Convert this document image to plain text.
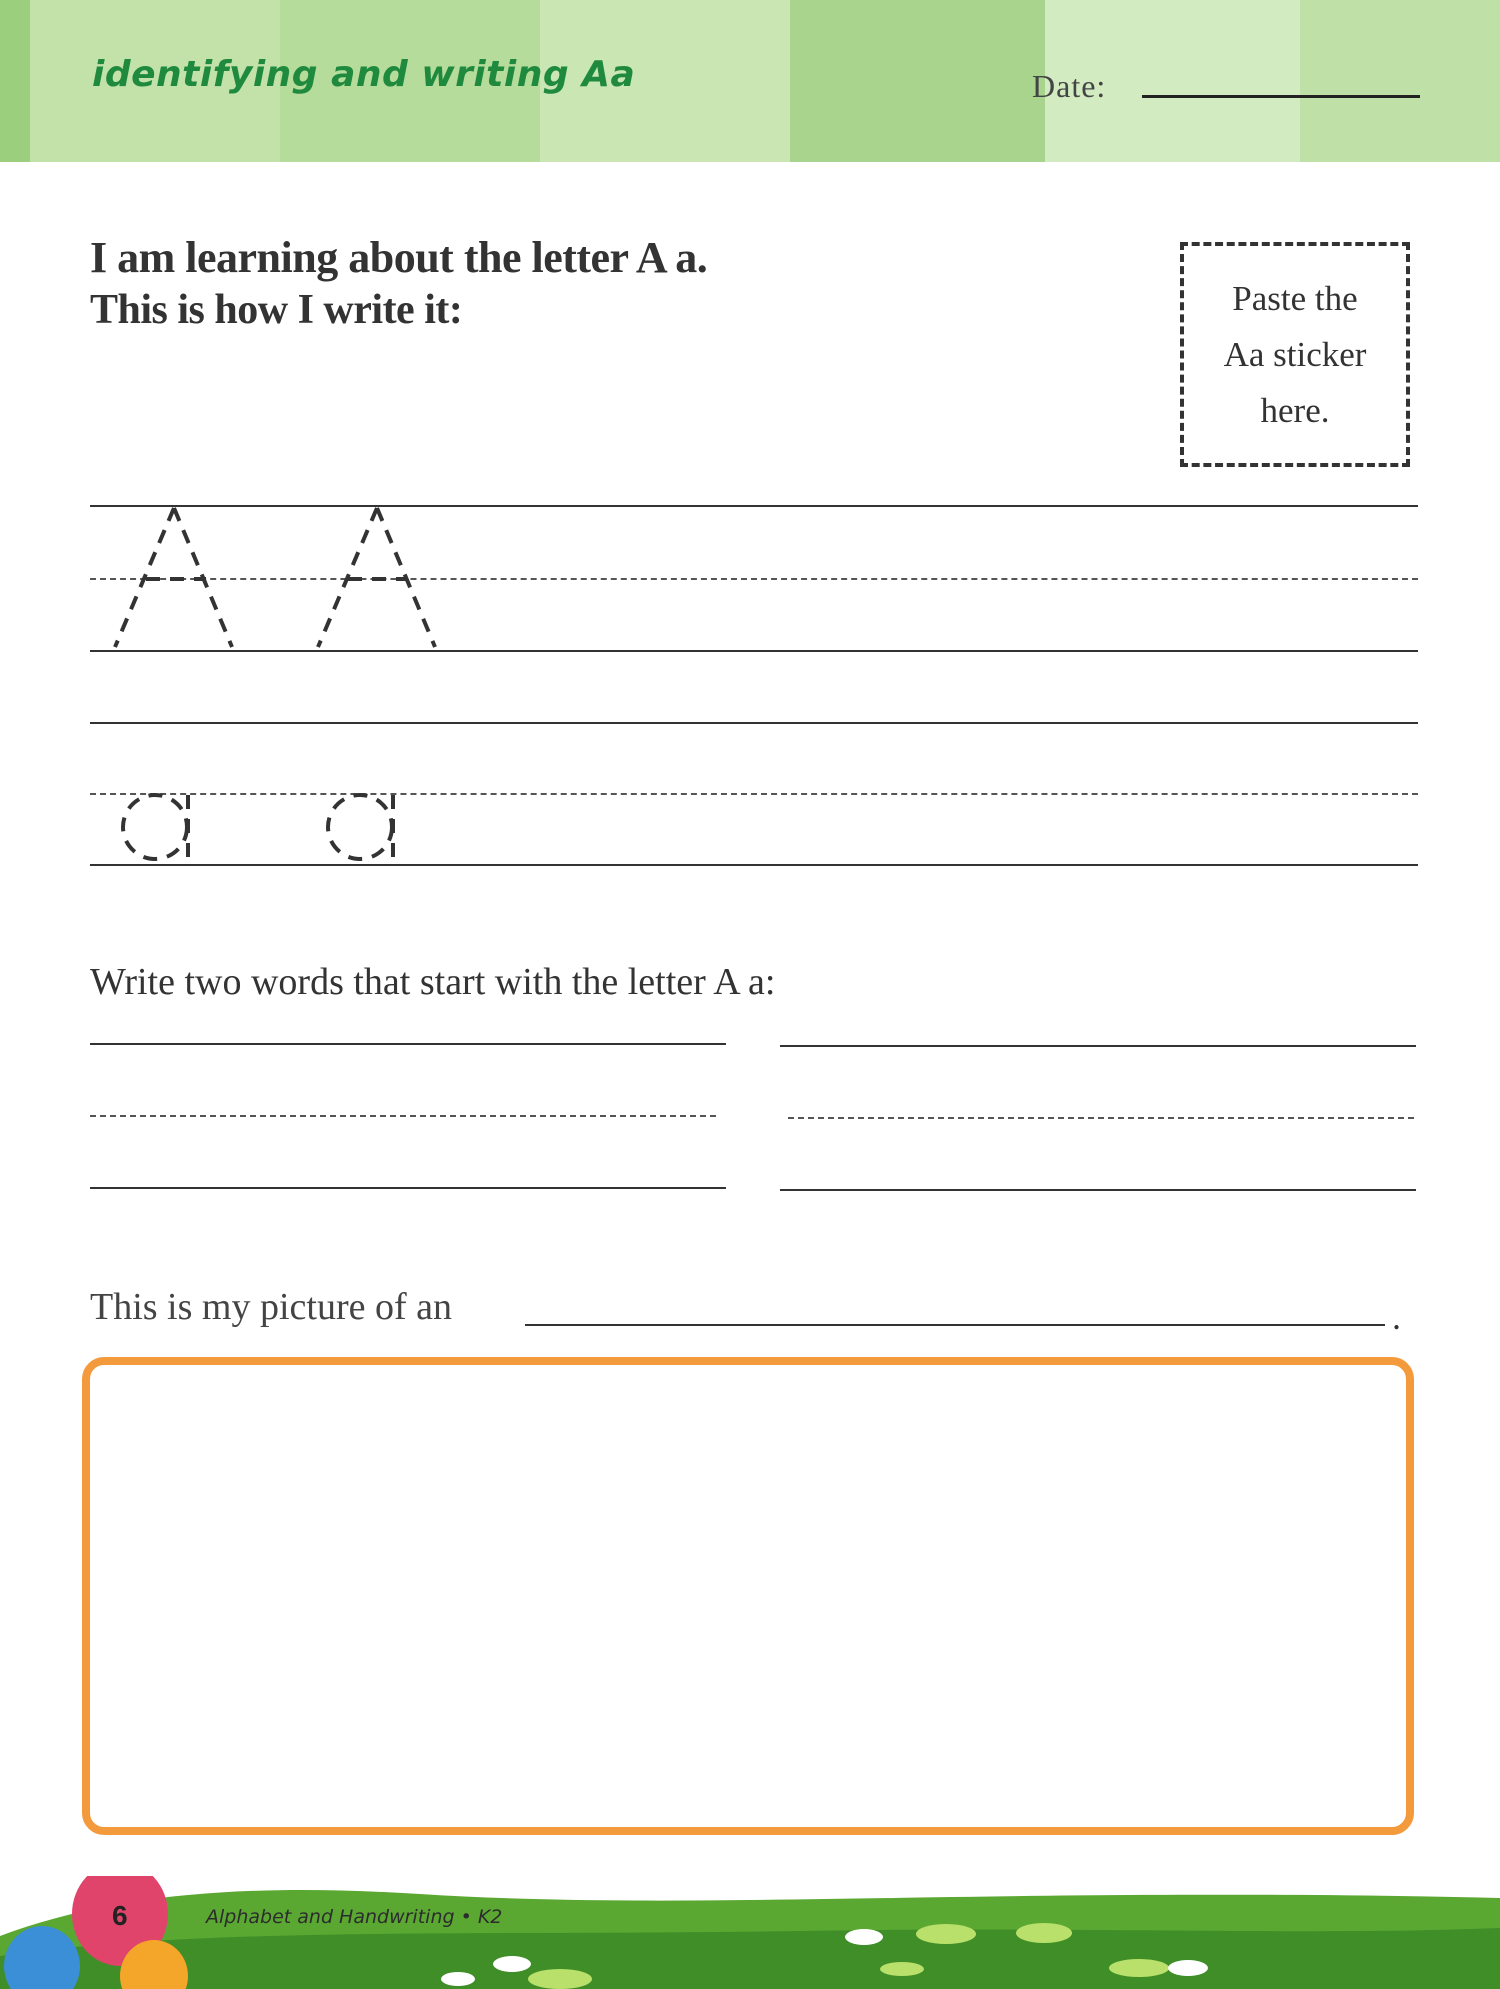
identifying and writing Aa	Date:
I am learning about the letter A a.
This is how I write it:	Paste the
Aa sticker
here.
Write two words that start with the letter A a:
This is my picture of an	.
6	Alphabet and Handwriting • K2
